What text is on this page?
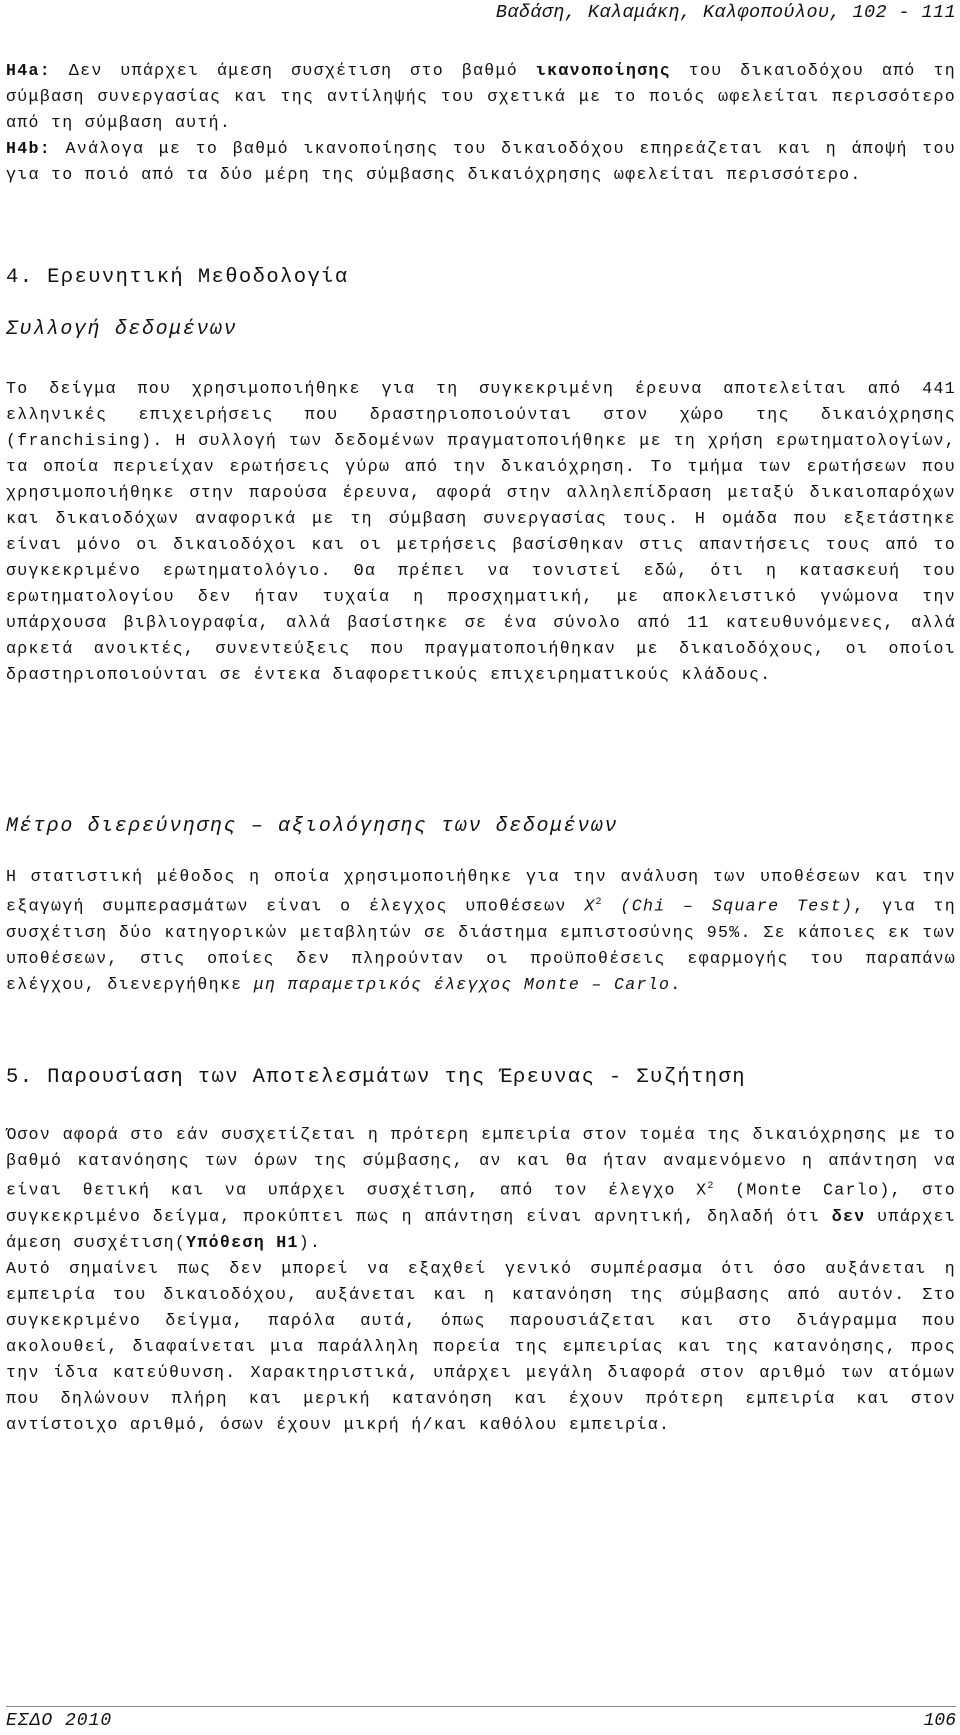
Βαδάση, Καλαμάκη, Καλφοπούλου, 102 - 111

H4a: Δεν υπάρχει άμεση συσχέτιση στο βαθμό ικανοποίησης του δικαιοδόχου από τη σύμβαση συνεργασίας και της αντίληψής του σχετικά με το ποιός ωφελείται περισσότερο από τη σύμβαση αυτή.
H4b: Ανάλογα με το βαθμό ικανοποίησης του δικαιοδόχου επηρεάζεται και η άποψή του για το ποιό από τα δύο μέρη της σύμβασης δικαιόχρησης ωφελείται περισσότερο.

4. Ερευνητική Μεθοδολογία
Συλλογή δεδομένων

Το δείγμα που χρησιμοποιήθηκε για τη συγκεκριμένη έρευνα αποτελείται από 441 ελληνικές επιχειρήσεις που δραστηριοποιούνται στον χώρο της δικαιόχρησης (franchising). Η συλλογή των δεδομένων πραγματοποιήθηκε με τη χρήση ερωτηματολογίων, τα οποία περιείχαν ερωτήσεις γύρω από την δικαιόχρηση. Το τμήμα των ερωτήσεων που χρησιμοποιήθηκε στην παρούσα έρευνα, αφορά στην αλληλεπίδραση μεταξύ δικαιοπαρόχων και δικαιοδόχων αναφορικά με τη σύμβαση συνεργασίας τους. Η ομάδα που εξετάστηκε είναι μόνο οι δικαιοδόχοι και οι μετρήσεις βασίσθηκαν στις απαντήσεις τους από το συγκεκριμένο ερωτηματολόγιο. Θα πρέπει να τονιστεί εδώ, ότι η κατασκευή του ερωτηματολογίου δεν ήταν τυχαία η προσχηματική, με αποκλειστικό γνώμονα την υπάρχουσα βιβλιογραφία, αλλά βασίστηκε σε ένα σύνολο από 11 κατευθυνόμενες, αλλά αρκετά ανοικτές, συνεντεύξεις που πραγματοποιήθηκαν με δικαιοδόχους, οι οποίοι δραστηριοποιούνται σε έντεκα διαφορετικούς επιχειρηματικούς κλάδους.

Μέτρο διερεύνησης – αξιολόγησης των δεδομένων

Η στατιστική μέθοδος η οποία χρησιμοποιήθηκε για την ανάλυση των υποθέσεων και την εξαγωγή συμπερασμάτων είναι ο έλεγχος υποθέσεων $X^2$ (Chi – Square Test), για τη συσχέτιση δύο κατηγορικών μεταβλητών σε διάστημα εμπιστοσύνης 95%. Σε κάποιες εκ των υποθέσεων, στις οποίες δεν πληρούνταν οι προϋποθέσεις εφαρμογής του παραπάνω ελέγχου, διενεργήθηκε μη παραμετρικός έλεγχος Monte – Carlo.

5. Παρουσίαση των Αποτελεσμάτων της Έρευνας - Συζήτηση

Όσον αφορά στο εάν συσχετίζεται η πρότερη εμπειρία στον τομέα της δικαιόχρησης με το βαθμό κατανόησης των όρων της σύμβασης, αν και θα ήταν αναμενόμενο η απάντηση να είναι θετική και να υπάρχει συσχέτιση, από τον έλεγχο $X^2$ (Monte Carlo), στο συγκεκριμένο δείγμα, προκύπτει πως η απάντηση είναι αρνητική, δηλαδή ότι δεν υπάρχει άμεση συσχέτιση(Υπόθεση H1).
Αυτό σημαίνει πως δεν μπορεί να εξαχθεί γενικό συμπέρασμα ότι όσο αυξάνεται η εμπειρία του δικαιοδόχου, αυξάνεται και η κατανόηση της σύμβασης από αυτόν. Στο συγκεκριμένο δείγμα, παρόλα αυτά, όπως παρουσιάζεται και στο διάγραμμα που ακολουθεί, διαφαίνεται μια παράλληλη πορεία της εμπειρίας και της κατανόησης, προς την ίδια κατεύθυνση. Χαρακτηριστικά, υπάρχει μεγάλη διαφορά στον αριθμό των ατόμων που δηλώνουν πλήρη και μερική κατανόηση και έχουν πρότερη εμπειρία και στον αντίστοιχο αριθμό, όσων έχουν μικρή ή/και καθόλου εμπειρία.

ΕΣΔΟ 2010	106
